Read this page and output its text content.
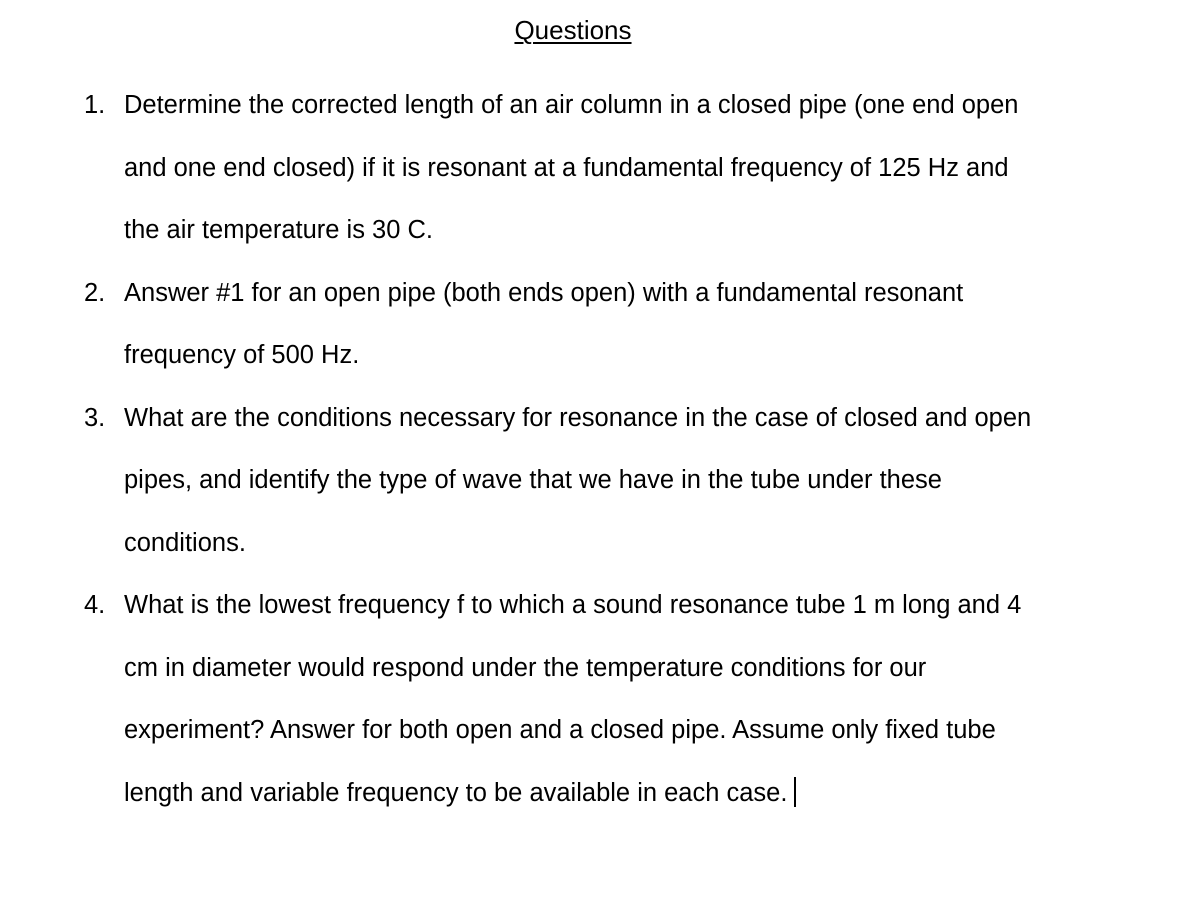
Questions
1. Determine the corrected length of an air column in a closed pipe (one end open
and one end closed) if it is resonant at a fundamental frequency of 125 Hz and
the air temperature is 30 C.
2. Answer #1 for an open pipe (both ends open) with a fundamental resonant
frequency of 500 Hz.
3. What are the conditions necessary for resonance in the case of closed and open
pipes, and identify the type of wave that we have in the tube under these
conditions.
4. What is the lowest frequency f to which a sound resonance tube 1 m long and 4
cm in diameter would respond under the temperature conditions for our
experiment? Answer for both open and a closed pipe. Assume only fixed tube
length and variable frequency to be available in each case.
